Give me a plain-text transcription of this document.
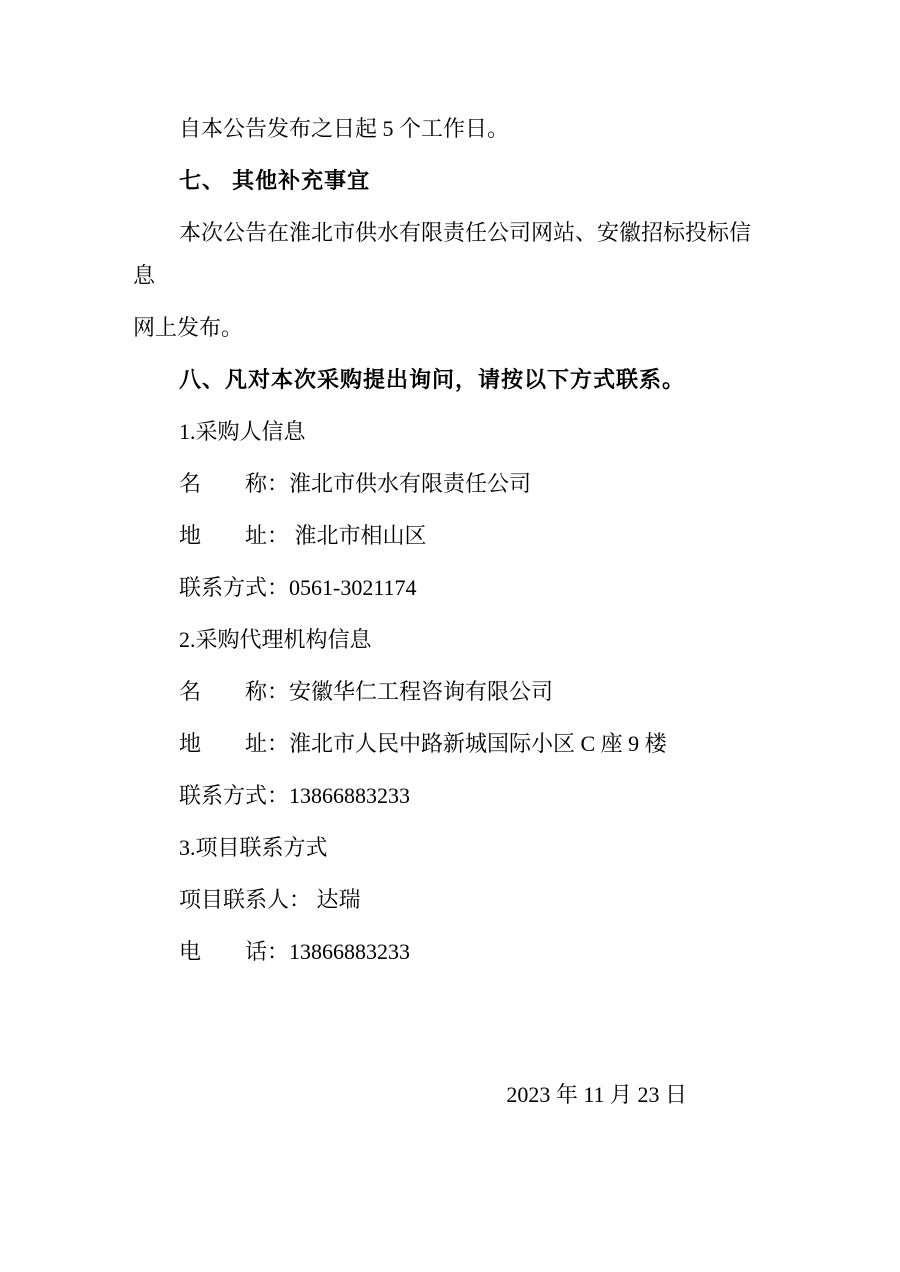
自本公告发布之日起 5 个工作日。

七、 其他补充事宜

本次公告在淮北市供水有限责任公司网站、安徽招标投标信息

网上发布。

八、凡对本次采购提出询问，请按以下方式联系。

1.采购人信息

名　　称：淮北市供水有限责任公司

地　　址： 淮北市相山区

联系方式：0561-3021174

2.采购代理机构信息

名　　称：安徽华仁工程咨询有限公司

地　　址：淮北市人民中路新城国际小区 C 座 9 楼

联系方式：13866883233

3.项目联系方式

项目联系人： 达瑞

电　　话：13866883233

2023 年 11 月 23 日
